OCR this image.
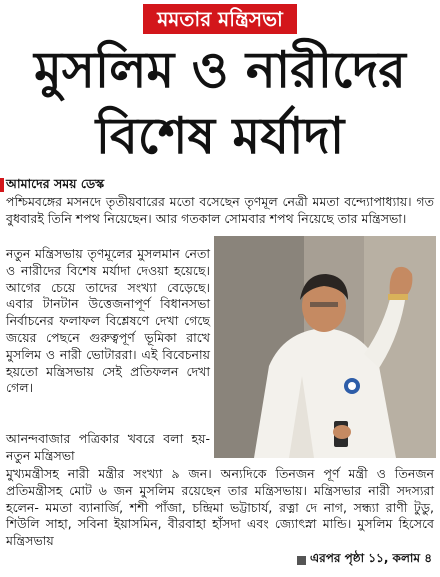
মমতার মন্ত্রিসভা
মুসলিম ও নারীদের
বিশেষ মর্যাদা
আমাদের সময় ডেস্ক

পশ্চিমবঙ্গের মসনদে তৃতীয়বারের মতো বসেছেন তৃণমূল নেত্রী মমতা বন্দ্যোপাধ্যায়। গত বুধবারই তিনি শপথ নিয়েছেন। আর গতকাল সোমবার শপথ নিয়েছে তার মন্ত্রিসভা।

নতুন মন্ত্রিসভায় তৃণমূলের মুসলমান নেতা ও নারীদের বিশেষ মর্যাদা দেওয়া হয়েছে। আগের চেয়ে তাদের সংখ্যা বেড়েছে। এবার টানটান উত্তেজনাপূর্ণ বিধানসভা নির্বাচনের ফলাফল বিশ্লেষণে দেখা গেছে জয়ের পেছনে গুরুত্বপূর্ণ ভূমিকা রাখে মুসলিম ও নারী ভোটাররা। এই বিবেচনায় হয়তো মন্ত্রিসভায় সেই প্রতিফলন দেখা গেল।

আনন্দবাজার পত্রিকার খবরে বলা হয়- নতুন মন্ত্রিসভা

মুখ্যমন্ত্রীসহ নারী মন্ত্রীর সংখ্যা ৯ জন। অন্যদিকে তিনজন পূর্ণ মন্ত্রী ও তিনজন প্রতিমন্ত্রীসহ মোট ৬ জন মুসলিম রয়েছেন তার মন্ত্রিসভায়। মন্ত্রিসভার নারী সদস্যরা হলেন- মমতা ব্যানার্জি, শশী পাঁজা, চন্দ্রিমা ভট্টাচার্য, রত্না দে নাগ, সন্ধ্যা রাণী টুডু, শিউলি সাহা, সবিনা ইয়াসমিন, বীরবাহা হাঁসদা এবং জ্যোৎস্না মান্ডি। মুসলিম হিসেবে মন্ত্রিসভায়

এরপর পৃষ্ঠা ১১, কলাম ৪
